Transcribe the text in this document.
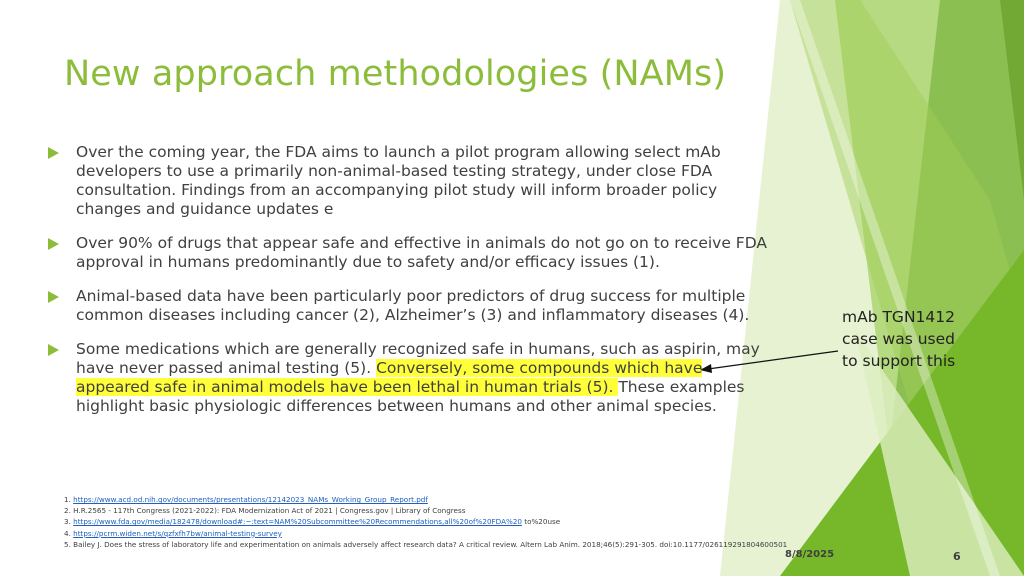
New approach methodologies (NAMs)
Over the coming year, the FDA aims to launch a pilot program allowing select mAb developers to use a primarily non-animal-based testing strategy, under close FDA consultation. Findings from an accompanying pilot study will inform broader policy changes and guidance updates e
Over 90% of drugs that appear safe and effective in animals do not go on to receive FDA approval in humans predominantly due to safety and/or efficacy issues (1).
Animal-based data have been particularly poor predictors of drug success for multiple common diseases including cancer (2), Alzheimer’s (3) and inflammatory diseases (4).
Some medications which are generally recognized safe in humans, such as aspirin, may have never passed animal testing (5). Conversely, some compounds which have appeared safe in animal models have been lethal in human trials (5). These examples highlight basic physiologic differences between humans and other animal species.
mAb TGN1412
case was used
to support this
1. https://www.acd.od.nih.gov/documents/presentations/12142023_NAMs_Working_Group_Report.pdf
2. H.R.2565 - 117th Congress (2021-2022): FDA Modernization Act of 2021 | Congress.gov | Library of Congress
3. https://www.fda.gov/media/182478/download#:~:text=NAM%20Subcommittee%20Recommendations,all%20of%20FDA%20 to%20use
4. https://pcrm.widen.net/s/qzfxfh7bw/animal-testing-survey
5. Bailey J. Does the stress of laboratory life and experimentation on animals adversely affect research data? A critical review. Altern Lab Anim. 2018;46(5):291-305. doi:10.1177/026119291804600501
8/8/2025	6
